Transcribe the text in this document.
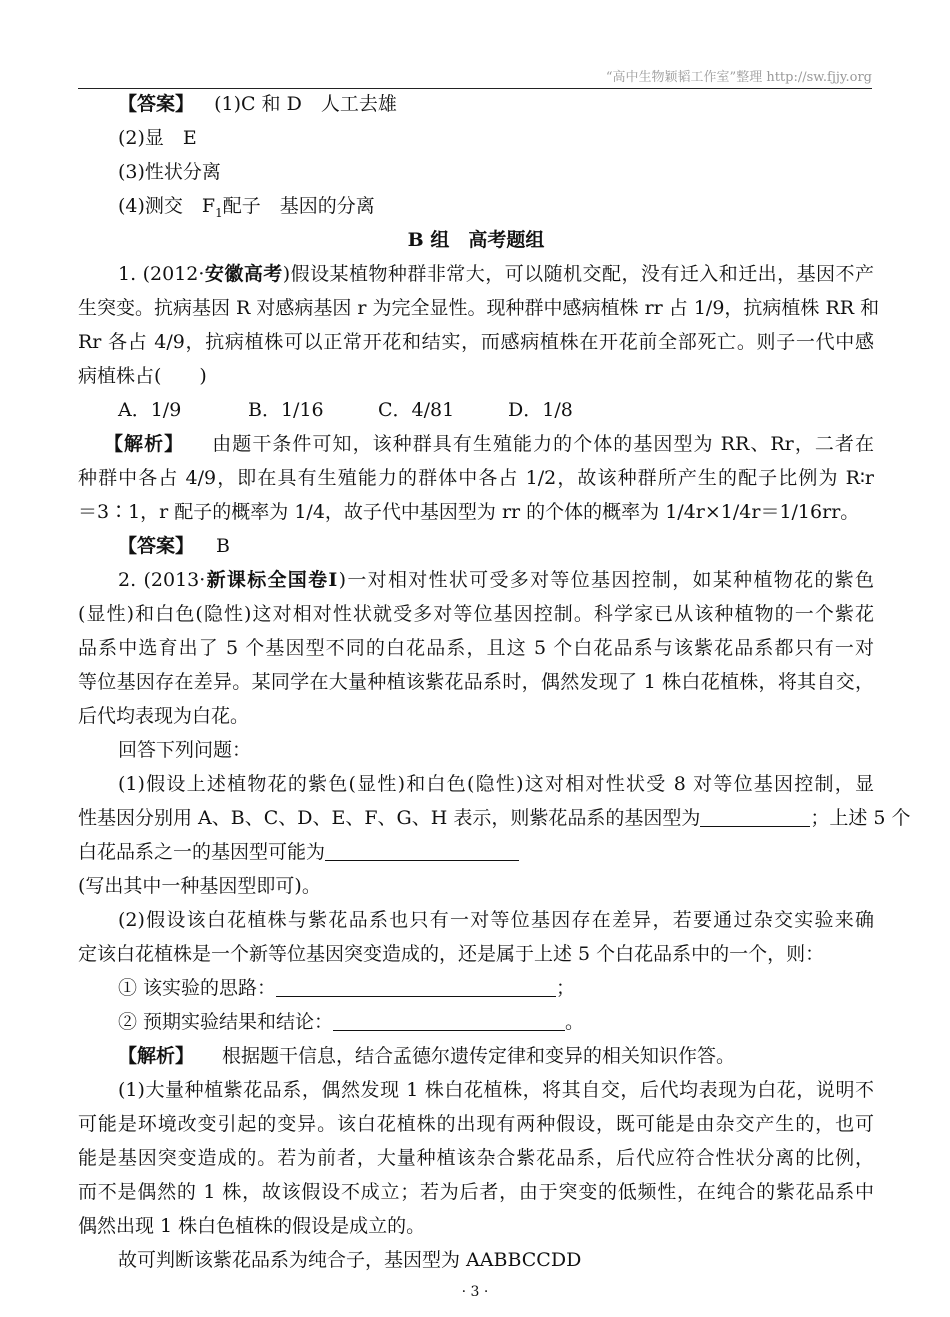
“高中生物颖韬工作室”整理 http://sw.fjjy.org
【答案】 (1)C 和 D　人工去雄
(2)显　E
(3)性状分离
(4)测交　$F_1$配子　基因的分离
B 组　高考题组
1. (2012·安徽高考)假设某植物种群非常大，可以随机交配，没有迁入和迁出，基因不产
生突变。抗病基因 R 对感病基因 r 为完全显性。现种群中感病植株 rr 占 1/9，抗病植株 RR 和
Rr 各占 4/9，抗病植株可以正常开花和结实，而感病植株在开花前全部死亡。则子一代中感
病植株占(　　)
A．1/9	B．1/16	C．4/81	D．1/8
【解析】 由题干条件可知，该种群具有生殖能力的个体的基因型为 RR、Rr，二者在
种群中各占 4/9，即在具有生殖能力的群体中各占 1/2，故该种群所产生的配子比例为 R∶r
＝3∶1，r 配子的概率为 1/4，故子代中基因型为 rr 的个体的概率为 1/4r×1/4r＝1/16rr。
【答案】 B
2. (2013·新课标全国卷Ⅰ)一对相对性状可受多对等位基因控制，如某种植物花的紫色
(显性)和白色(隐性)这对相对性状就受多对等位基因控制。科学家已从该种植物的一个紫花
品系中选育出了 5 个基因型不同的白花品系，且这 5 个白花品系与该紫花品系都只有一对
等位基因存在差异。某同学在大量种植该紫花品系时，偶然发现了 1 株白花植株，将其自交，
后代均表现为白花。
回答下列问题：
(1)假设上述植物花的紫色(显性)和白色(隐性)这对相对性状受 8 对等位基因控制，显
性基因分别用 A、B、C、D、E、F、G、H 表示，则紫花品系的基因型为	；上述 5 个
白花品系之一的基因型可能为
(写出其中一种基因型即可)。
(2)假设该白花植株与紫花品系也只有一对等位基因存在差异，若要通过杂交实验来确
定该白花植株是一个新等位基因突变造成的，还是属于上述 5 个白花品系中的一个，则：
① 该实验的思路：	；
② 预期实验结果和结论：	。
【解析】 根据题干信息，结合孟德尔遗传定律和变异的相关知识作答。
(1)大量种植紫花品系，偶然发现 1 株白花植株，将其自交，后代均表现为白花，说明不
可能是环境改变引起的变异。该白花植株的出现有两种假设，既可能是由杂交产生的，也可
能是基因突变造成的。若为前者，大量种植该杂合紫花品系，后代应符合性状分离的比例，
而不是偶然的 1 株，故该假设不成立；若为后者，由于突变的低频性，在纯合的紫花品系中
偶然出现 1 株白色植株的假设是成立的。
故可判断该紫花品系为纯合子，基因型为 AABBCCDD
· 3 ·
